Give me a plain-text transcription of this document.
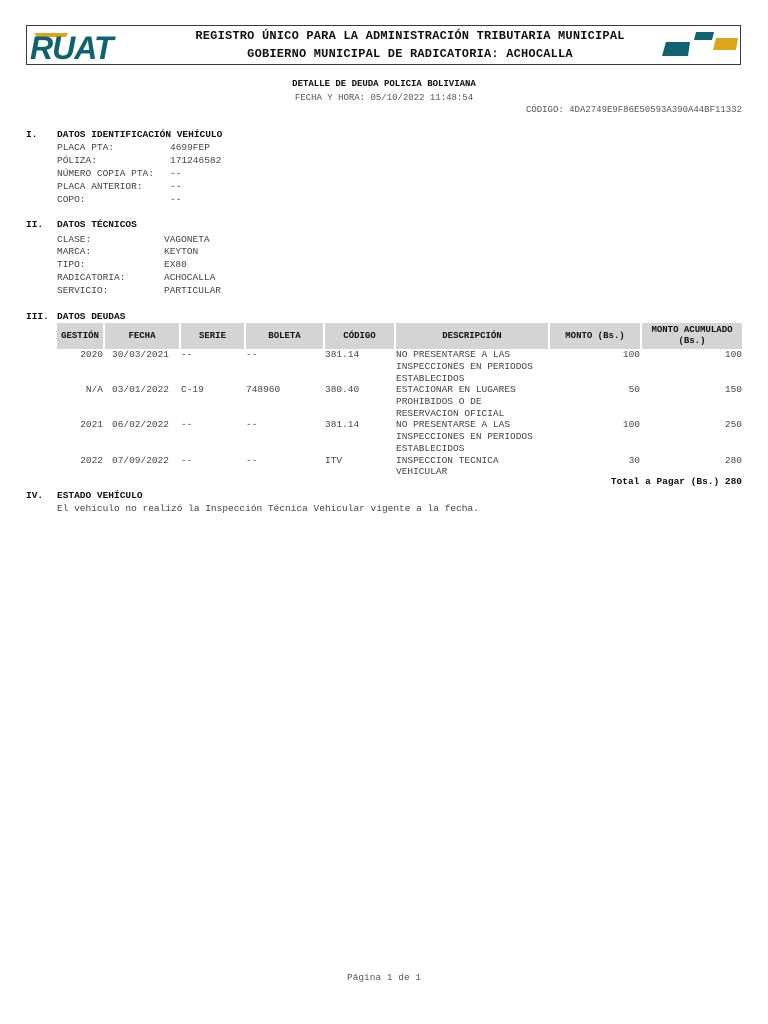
RUAT	REGISTRO ÚNICO PARA LA ADMINISTRACIÓN TRIBUTARIA MUNICIPAL
GOBIERNO MUNICIPAL DE RADICATORIA: ACHOCALLA
DETALLE DE DEUDA POLICIA BOLIVIANA
FECHA Y HORA: 05/10/2022 11:48:54
CÓDIGO: 4DA2749E9F86E50593A390A44BF11332
I. DATOS IDENTIFICACIÓN VEHÍCULO
PLACA PTA:	4699FEP
PÓLIZA:	171246582
NÚMERO COPIA PTA: --
PLACA ANTERIOR:	--
COPO:	--
II. DATOS TÉCNICOS
CLASE:	VAGONETA
MARCA:	KEYTON
TIPO:	EX80
RADICATORIA:	ACHOCALLA
SERVICIO:	PARTICULAR
III. DATOS DEUDAS
GESTIÓN	FECHA	SERIE	BOLETA	CÓDIGO	DESCRIPCIÓN	MONTO (Bs.)
MONTO ACUMULADO
(Bs.)
2020 30/03/2021 --	--	381.14	NO PRESENTARSE A LAS
INSPECCIONES EN PERIODOS
ESTABLECIDOS
100	100
N/A 03/01/2022 C-19	748960	380.40	ESTACIONAR EN LUGARES
PROHIBIDOS O DE
RESERVACION OFICIAL
50	150
2021 06/02/2022 --	--	381.14	NO PRESENTARSE A LAS
INSPECCIONES EN PERIODOS
ESTABLECIDOS
100	250
2022 07/09/2022 --	--	ITV	INSPECCION TECNICA
VEHICULAR
30	280
Total a Pagar (Bs.) 280
IV. ESTADO VEHÍCULO
El vehículo no realizó la Inspección Técnica Vehicular vigente a la fecha.
Página 1 de 1
